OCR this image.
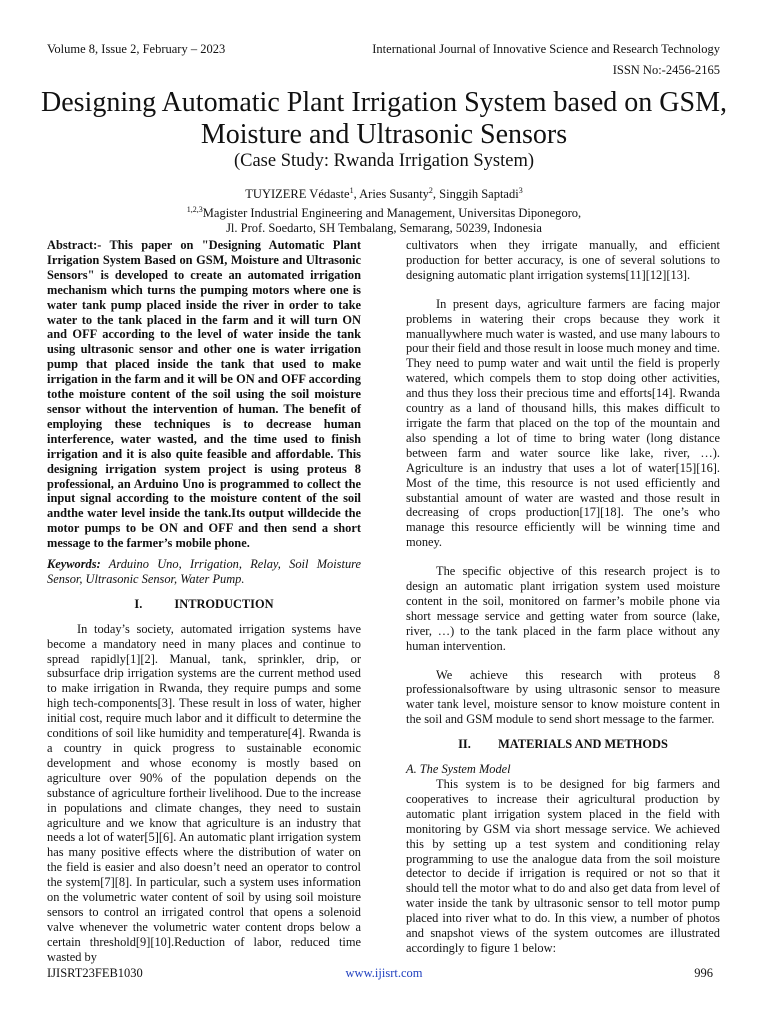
Volume 8, Issue 2, February – 2023	International Journal of Innovative Science and Research Technology
ISSN No:-2456-2165
Designing Automatic Plant Irrigation System based on GSM, Moisture and Ultrasonic Sensors
(Case Study: Rwanda Irrigation System)
TUYIZERE Védaste$^1$, Aries Susanty$^2$, Singgih Saptadi$^3$
$^{1,2,3}$Magister Industrial Engineering and Management, Universitas Diponegoro,
Jl. Prof. Soedarto, SH Tembalang, Semarang, 50239, Indonesia

Abstract:- This paper on "Designing Automatic Plant Irrigation System Based on GSM, Moisture and Ultrasonic Sensors" is developed to create an automated irrigation mechanism which turns the pumping motors where one is water tank pump placed inside the river in order to take water to the tank placed in the farm and it will turn ON and OFF according to the level of water inside the tank using ultrasonic sensor and other one is water irrigation pump that placed inside the tank that used to make irrigation in the farm and it will be ON and OFF according tothe moisture content of the soil using the soil moisture sensor without the intervention of human. The benefit of employing these techniques is to decrease human interference, water wasted, and the time used to finish irrigation and it is also quite feasible and affordable. This designing irrigation system project is using proteus 8 professional, an Arduino Uno is programmed to collect the input signal according to the moisture content of the soil andthe water level inside the tank.Its output willdecide the motor pumps to be ON and OFF and then send a short message to the farmer’s mobile phone.

Keywords: Arduino Uno, Irrigation, Relay, Soil Moisture Sensor, Ultrasonic Sensor, Water Pump.

I.	INTRODUCTION

In today’s society, automated irrigation systems have become a mandatory need in many places and continue to spread rapidly[1][2]. Manual, tank, sprinkler, drip, or subsurface drip irrigation systems are the current method used to make irrigation in Rwanda, they require pumps and some high tech-components[3]. These result in loss of water, higher initial cost, require much labor and it difficult to determine the conditions of soil like humidity and temperature[4]. Rwanda is a country in quick progress to sustainable economic development and whose economy is mostly based on agriculture over 90% of the population depends on the substance of agriculture fortheir livelihood. Due to the increase in populations and climate changes, they need to sustain agriculture and we know that agriculture is an industry that needs a lot of water[5][6]. An automatic plant irrigation system has many positive effects where the distribution of water on the field is easier and also doesn’t need an operator to control the system[7][8]. In particular, such a system uses information on the volumetric water content of soil by using soil moisture sensors to control an irrigated control that opens a solenoid valve whenever the volumetric water content drops below a certain threshold[9][10].Reduction of labor, reduced time wasted by

cultivators when they irrigate manually, and efficient production for better accuracy, is one of several solutions to designing automatic plant irrigation systems[11][12][13].

In present days, agriculture farmers are facing major problems in watering their crops because they work it manuallywhere much water is wasted, and use many labours to pour their field and those result in loose much money and time. They need to pump water and wait until the field is properly watered, which compels them to stop doing other activities, and thus they loss their precious time and efforts[14]. Rwanda country as a land of thousand hills, this makes difficult to irrigate the farm that placed on the top of the mountain and also spending a lot of time to bring water (long distance between farm and water source like lake, river, …). Agriculture is an industry that uses a lot of water[15][16]. Most of the time, this resource is not used efficiently and substantial amount of water are wasted and those result in decreasing of crops production[17][18]. The one’s who manage this resource efficiently will be winning time and money.

The specific objective of this research project is to design an automatic plant irrigation system used moisture content in the soil, monitored on farmer’s mobile phone via short message service and getting water from source (lake, river, …) to the tank placed in the farm place without any human intervention.

We achieve this research with proteus 8 professionalsoftware by using ultrasonic sensor to measure water tank level, moisture sensor to know moisture content in the soil and GSM module to send short message to the farmer.

II. MATERIALS AND METHODS

A. The System Model

This system is to be designed for big farmers and cooperatives to increase their agricultural production by automatic plant irrigation system placed in the field with monitoring by GSM via short message service. We achieved this by setting up a test system and conditioning relay programming to use the analogue data from the soil moisture detector to decide if irrigation is required or not so that it should tell the motor what to do and also get data from level of water inside the tank by ultrasonic sensor to tell motor pump placed into river what to do. In this view, a number of photos and snapshot views of the system outcomes are illustrated accordingly to figure 1 below:

IJISRT23FEB1030	www.ijisrt.com	996
